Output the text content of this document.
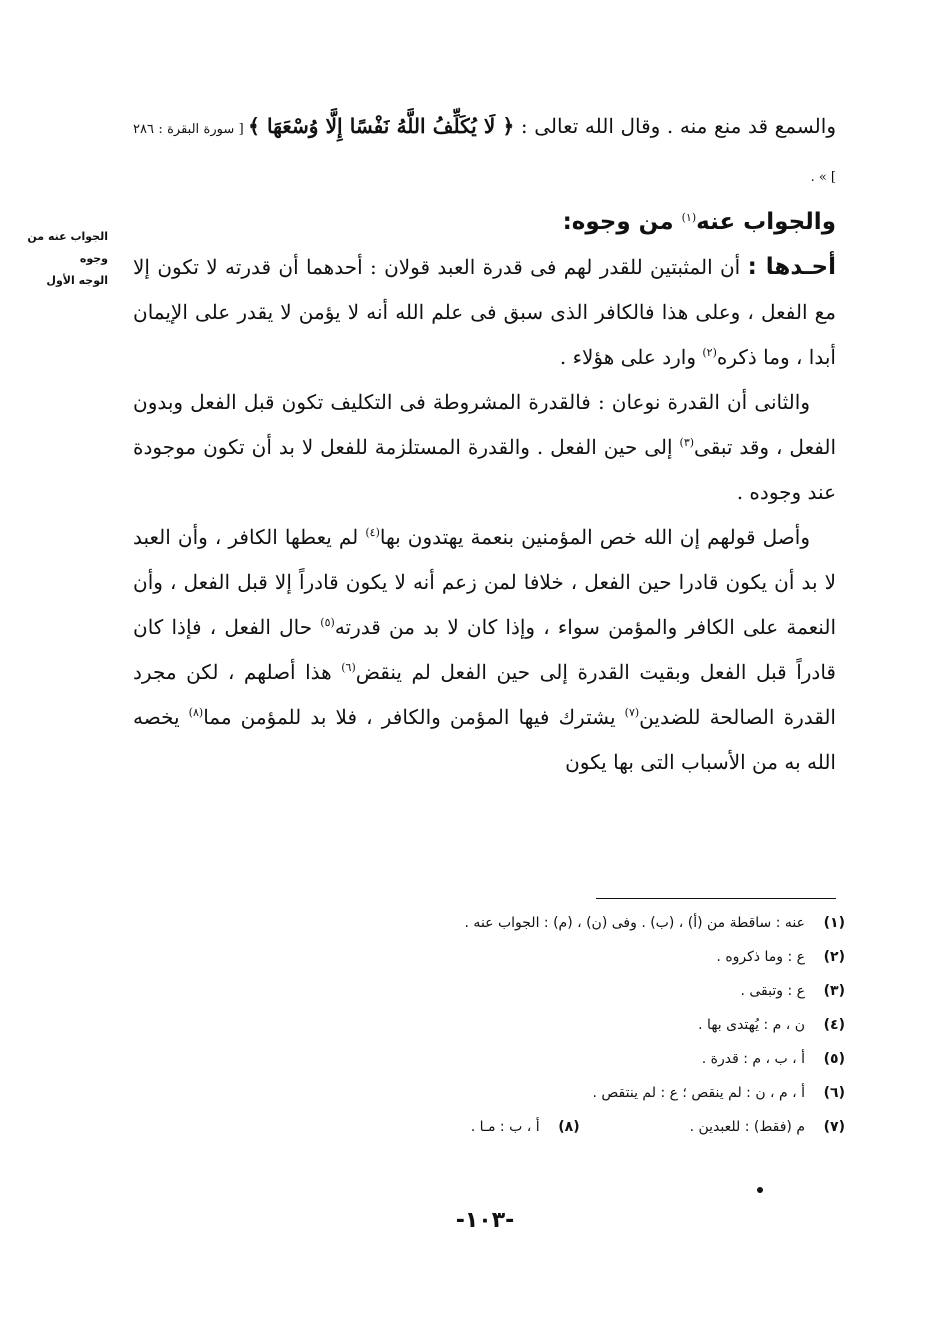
الجواب عنه من
وجوه
الوجه الأول

والسمع قد منع منه . وقال الله تعالى : ﴿ لَا يُكَلِّفُ اللَّهُ نَفْسًا إِلَّا وُسْعَهَا ﴾ [ سورة البقرة : ٢٨٦ ] » .

والجواب عنه$^{(١)}$ من وجوه:

أحـدها : أن المثبتين للقدر لهم فى قدرة العبد قولان : أحدهما أن قدرته لا تكون إلا مع الفعل ، وعلى هذا فالكافر الذى سبق فى علم الله أنه لا يؤمن لا يقدر على الإيمان أبدا ، وما ذكره$^{(٢)}$ وارد على هؤلاء .

والثانى أن القدرة نوعان : فالقدرة المشروطة فى التكليف تكون قبل الفعل وبدون الفعل ، وقد تبقى$^{(٣)}$ إلى حين الفعل . والقدرة المستلزمة للفعل لا بد أن تكون موجودة عند وجوده .

وأصل قولهم إن الله خص المؤمنين بنعمة يهتدون بها$^{(٤)}$ لم يعطها الكافر ، وأن العبد لا بد أن يكون قادرا حين الفعل ، خلافا لمن زعم أنه لا يكون قادراً إلا قبل الفعل ، وأن النعمة على الكافر والمؤمن سواء ، وإذا كان لا بد من قدرته$^{(٥)}$ حال الفعل ، فإذا كان قادراً قبل الفعل وبقيت القدرة إلى حين الفعل لم ينقض$^{(٦)}$ هذا أصلهم ، لكن مجرد القدرة الصالحة للضدين$^{(٧)}$ يشترك فيها المؤمن والكافر ، فلا بد للمؤمن مما$^{(٨)}$ يخصه الله به من الأسباب التى بها يكون

(١)عنه : ساقطة من (أ) ، (ب) . وفى (ن) ، (م) : الجواب عنه .
(٢)ع : وما ذكروه .
(٣)ع : وتبقى .
(٤)ن ، م : يُهتدى بها .
(٥)أ ، ب ، م : قدرة .
(٦)أ ، م ، ن : لم ينقص ؛ ع : لم ينتقص .
(٧)م (فقط) : للعبدين .(٨)أ ، ب : مـا .
-١٠٣-
